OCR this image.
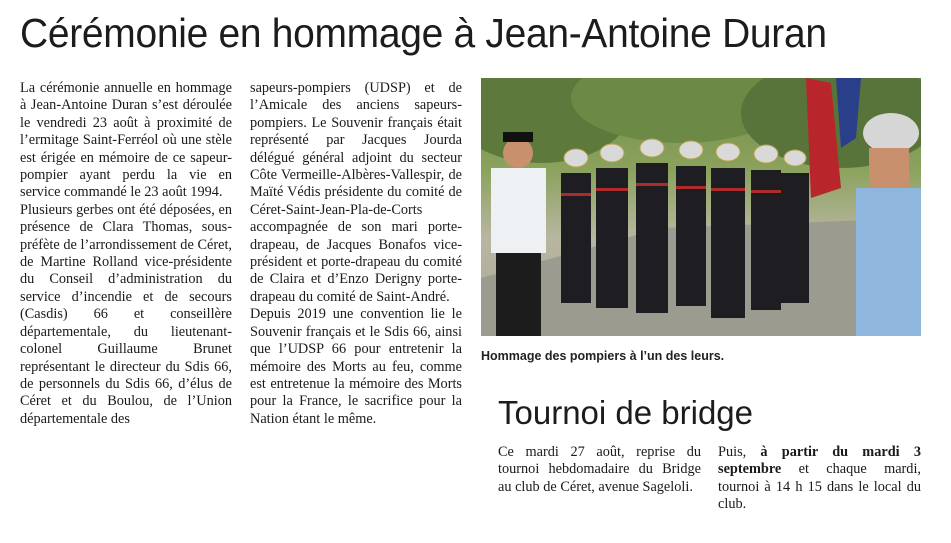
Cérémonie en hommage à Jean-Antoine Duran

La cérémonie annuelle en hommage à Jean-Antoine Duran s’est déroulée le vendredi 23 août à proximité de l’ermitage Saint-Ferréol où une stèle est érigée en mémoire de ce sapeur-pompier ayant perdu la vie en service commandé le 23 août 1994.

Plusieurs gerbes ont été déposées, en présence de Clara Thomas, sous-préfète de l’arrondissement de Céret, de Martine Rolland vice-présidente du Conseil d’administration du service d’incendie et de secours (Casdis) 66 et conseillère départementale, du lieutenant-colonel Guillaume Brunet représentant le directeur du Sdis 66, de personnels du Sdis 66, d’élus de Céret et du Boulou, de l’Union départementale des

sapeurs-pompiers (UDSP) et de l’Amicale des anciens sapeurs-pompiers. Le Souvenir français était représenté par Jacques Jourda délégué général adjoint du secteur Côte Vermeille-Albères-Vallespir, de Maïté Védis présidente du comité de Céret-Saint-Jean-Pla-de-Corts accompagnée de son mari porte-drapeau, de Jacques Bonafos vice-président et porte-drapeau du comité de Claira et d’Enzo Derigny porte-drapeau du comité de Saint-André.

Depuis 2019 une convention lie le Souvenir français et le Sdis 66, ainsi que l’UDSP 66 pour entretenir la mémoire des Morts au feu, comme est entretenue la mémoire des Morts pour la France, le sacrifice pour la Nation étant le même.

Hommage des pompiers à l’un des leurs.
Tournoi de bridge
Ce mardi 27 août, reprise du tournoi hebdomadaire du Bridge au club de Céret, avenue Sageloli.
Puis, à partir du mardi 3 septembre et chaque mardi, tournoi à 14 h 15 dans le local du club.
